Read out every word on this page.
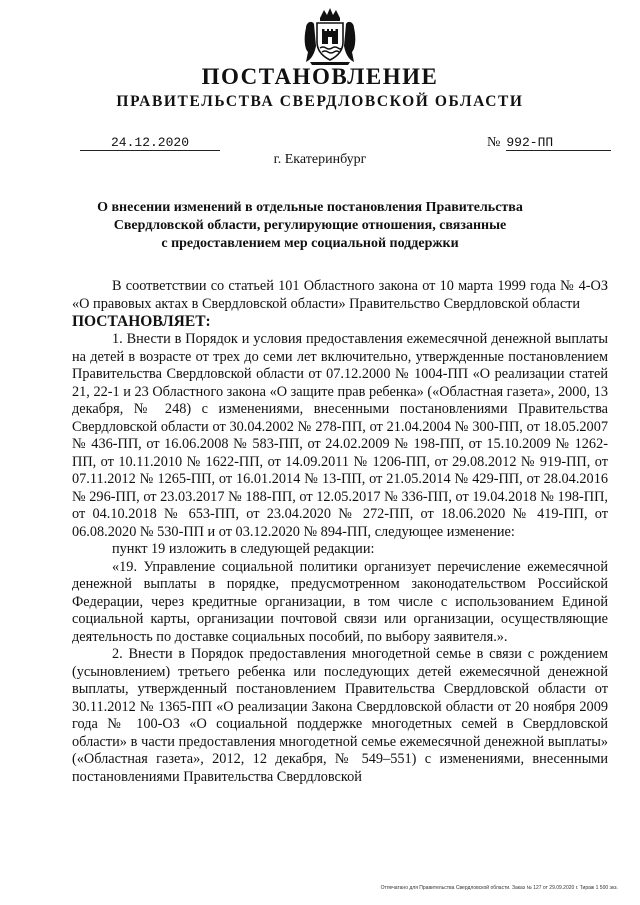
ПОСТАНОВЛЕНИЕ
ПРАВИТЕЛЬСТВА СВЕРДЛОВСКОЙ ОБЛАСТИ
24.12.2020	№ 992-ПП
г. Екатеринбург
О внесении изменений в отдельные постановления Правительства
Свердловской области, регулирующие отношения, связанные
с предоставлением мер социальной поддержки

В соответствии со статьей 101 Областного закона от 10 марта 1999 года № 4-ОЗ «О правовых актах в Свердловской области» Правительство Свердловской области

ПОСТАНОВЛЯЕТ:

1. Внести в Порядок и условия предоставления ежемесячной денежной выплаты на детей в возрасте от трех до семи лет включительно, утвержденные постановлением Правительства Свердловской области от 07.12.2000 № 1004-ПП «О реализации статей 21, 22-1 и 23 Областного закона «О защите прав ребенка» («Областная газета», 2000, 13 декабря, № 248) с изменениями, внесенными постановлениями Правительства Свердловской области от 30.04.2002 № 278-ПП, от 21.04.2004 № 300-ПП, от 18.05.2007 № 436-ПП, от 16.06.2008 № 583-ПП, от 24.02.2009 № 198-ПП, от 15.10.2009 № 1262-ПП, от 10.11.2010 № 1622-ПП, от 14.09.2011 № 1206-ПП, от 29.08.2012 № 919-ПП, от 07.11.2012 № 1265-ПП, от 16.01.2014 № 13-ПП, от 21.05.2014 № 429-ПП, от 28.04.2016 № 296-ПП, от 23.03.2017 № 188-ПП, от 12.05.2017 № 336-ПП, от 19.04.2018 № 198-ПП, от 04.10.2018 № 653-ПП, от 23.04.2020 № 272-ПП, от 18.06.2020 № 419-ПП, от 06.08.2020 № 530-ПП и от 03.12.2020 № 894-ПП, следующее изменение:

пункт 19 изложить в следующей редакции:

«19. Управление социальной политики организует перечисление ежемесячной денежной выплаты в порядке, предусмотренном законодательством Российской Федерации, через кредитные организации, в том числе с использованием Единой социальной карты, организации почтовой связи или организации, осуществляющие деятельность по доставке социальных пособий, по выбору заявителя.».

2. Внести в Порядок предоставления многодетной семье в связи с рождением (усыновлением) третьего ребенка или последующих детей ежемесячной денежной выплаты, утвержденный постановлением Правительства Свердловской области от 30.11.2012 № 1365-ПП «О реализации Закона Свердловской области от 20 ноября 2009 года № 100-ОЗ «О социальной поддержке многодетных семей в Свердловской области» в части предоставления многодетной семье ежемесячной денежной выплаты» («Областная газета», 2012, 12 декабря, № 549–551) с изменениями, внесенными постановлениями Правительства Свердловской

Отпечатано для Правительства Свердловской области. Заказ № 127 от 29.09.2020 г. Тираж 1 500 экз.
